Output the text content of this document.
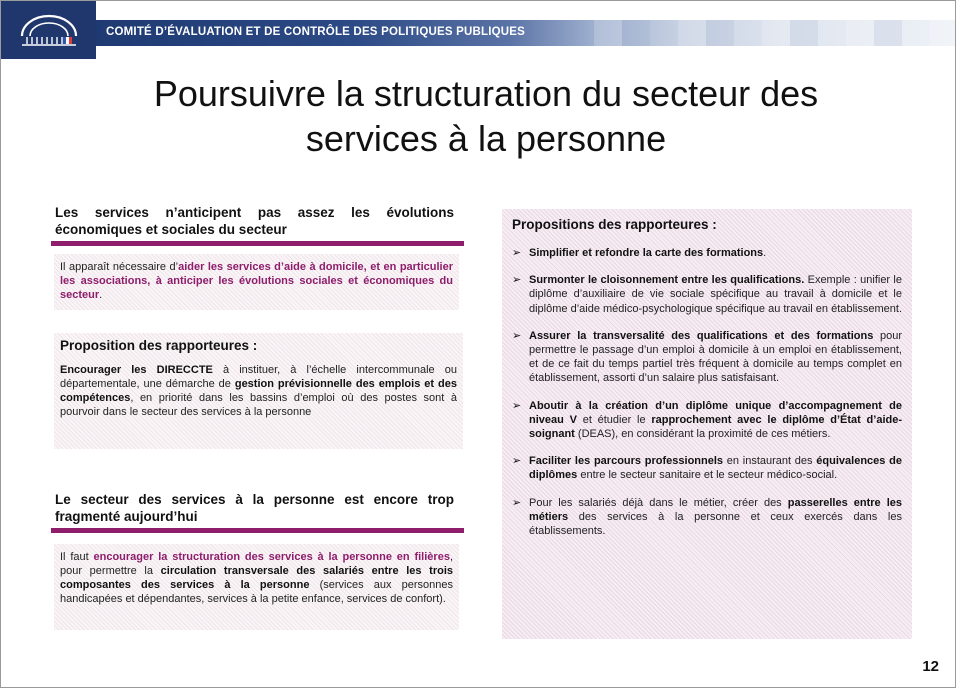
COMITÉ D’ÉVALUATION ET DE CONTRÔLE DES POLITIQUES PUBLIQUES
Poursuivre la structuration du secteur des
services à la personne
Les services n’anticipent pas assez les évolutions économiques et sociales du secteur
Il apparaît nécessaire d’aider les services d’aide à domicile, et en particulier les associations, à anticiper les évolutions sociales et économiques du secteur.
Proposition des rapporteures :
Encourager les DIRECCTE à instituer, à l’échelle intercommunale ou départementale, une démarche de gestion prévisionnelle des emplois et des compétences, en priorité dans les bassins d’emploi où des postes sont à pourvoir dans le secteur des services à la personne
Le secteur des services à la personne est encore trop fragmenté aujourd’hui
Il faut encourager la structuration des services à la personne en filières, pour permettre la circulation transversale des salariés entre les trois composantes des services à la personne (services aux personnes handicapées et dépendantes, services à la petite enfance, services de confort).
Propositions des rapporteures :
➢ Simplifier et refondre la carte des formations.
➢ Surmonter le cloisonnement entre les qualifications. Exemple : unifier le diplôme d’auxiliaire de vie sociale spécifique au travail à domicile et le diplôme d’aide médico-psychologique spécifique au travail en établissement.
➢ Assurer la transversalité des qualifications et des formations pour permettre le passage d’un emploi à domicile à un emploi en établissement, et de ce fait du temps partiel très fréquent à domicile au temps complet en établissement, assorti d’un salaire plus satisfaisant.
➢ Aboutir à la création d’un diplôme unique d’accompagnement de niveau V et étudier le rapprochement avec le diplôme d’État d’aide-soignant (DEAS), en considérant la proximité de ces métiers.
➢ Faciliter les parcours professionnels en instaurant des équivalences de diplômes entre le secteur sanitaire et le secteur médico-social.
➢ Pour les salariés déjà dans le métier, créer des passerelles entre les métiers des services à la personne et ceux exercés dans les établissements.
12
